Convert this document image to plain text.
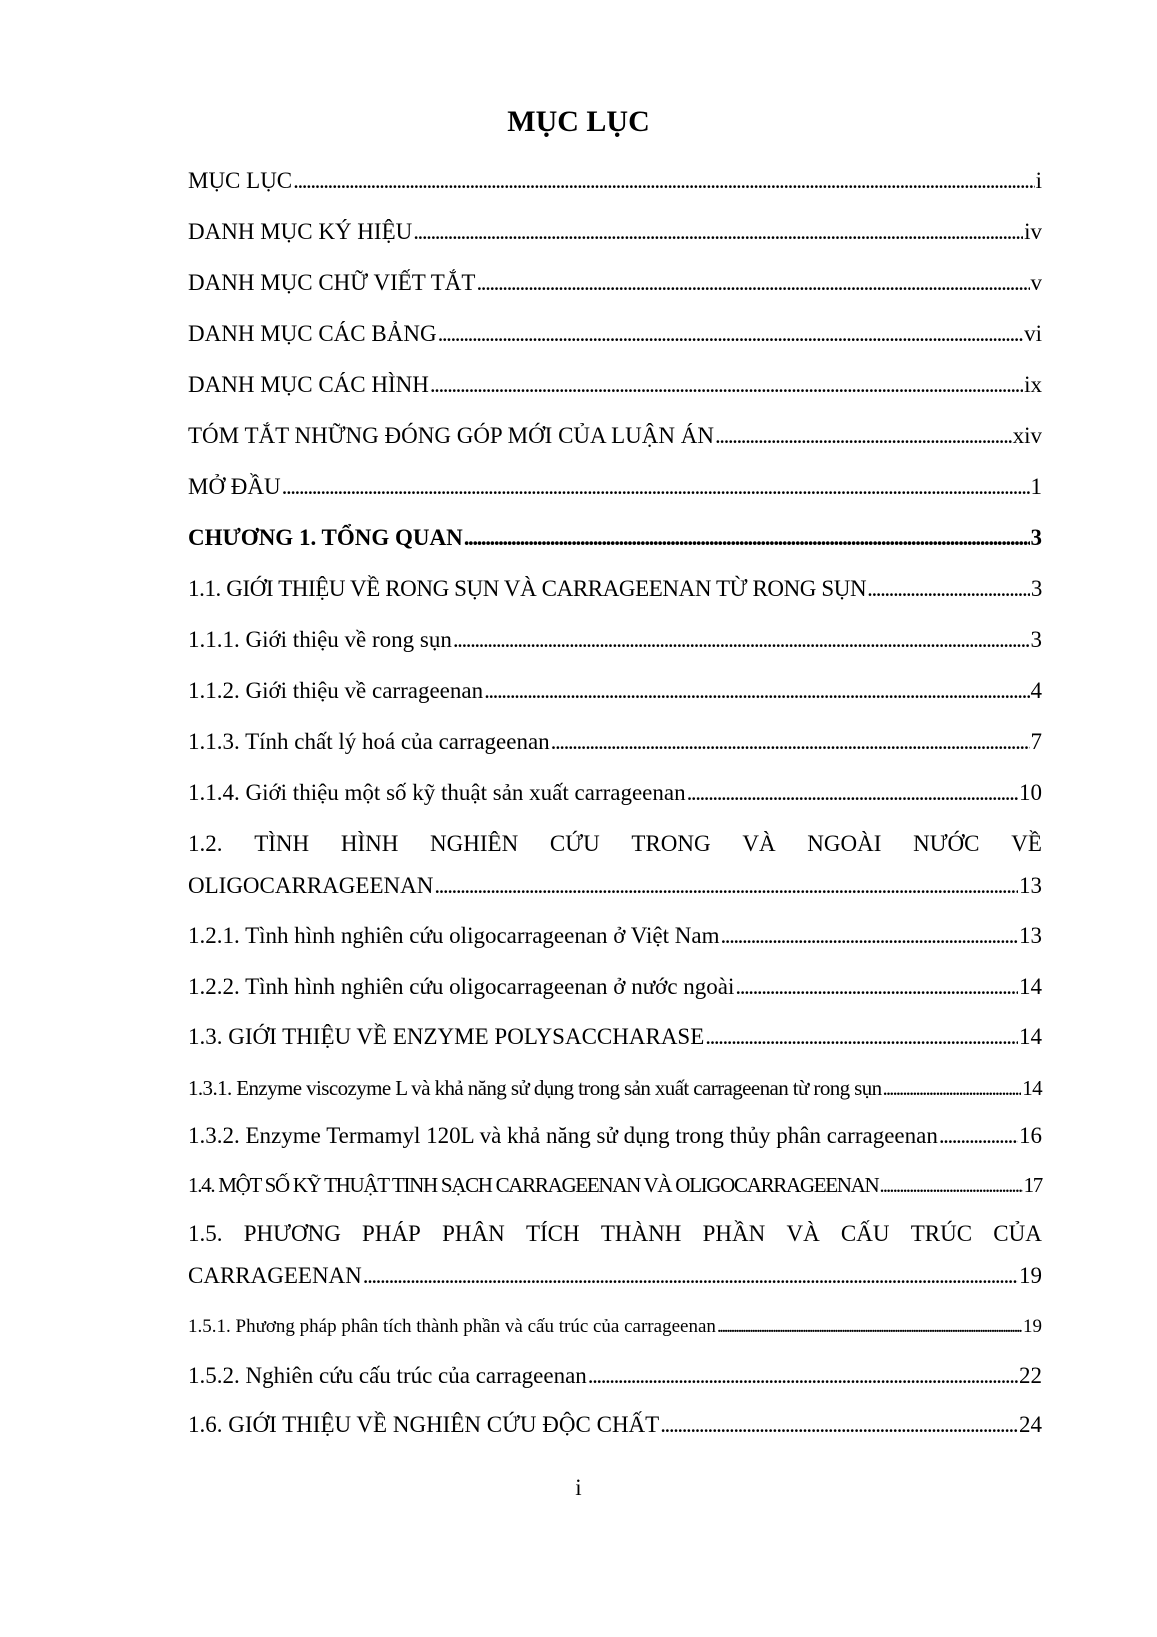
MỤC LỤC
MỤC LỤC . . .	i
DANH MỤC KÝ HIỆU . . .	iv
DANH MỤC CHỮ VIẾT TẮT . . .	v
DANH MỤC CÁC BẢNG . . .	vi
DANH MỤC CÁC HÌNH . . .	ix
TÓM TẮT NHỮNG ĐÓNG GÓP MỚI CỦA LUẬN ÁN . . .	xiv
MỞ ĐẦU . . .	1
CHƯƠNG 1. TỔNG QUAN . . .	3
1.1. GIỚI THIỆU VỀ RONG SỤN VÀ CARRAGEENAN TỪ RONG SỤN . . .	3
1.1.1. Giới thiệu về rong sụn . . .	3
1.1.2. Giới thiệu về carrageenan . . .	4
1.1.3. Tính chất lý hoá của carrageenan . . .	7
1.1.4. Giới thiệu một số kỹ thuật sản xuất carrageenan . . .	10
1.2. TÌNH HÌNH NGHIÊN CỨU TRONG VÀ NGOÀI NƯỚC VỀ
OLIGOCARRAGEENAN . . .	13
1.2.1. Tình hình nghiên cứu oligocarrageenan ở Việt Nam . . .	13
1.2.2. Tình hình nghiên cứu oligocarrageenan ở nước ngoài . . .	14
1.3. GIỚI THIỆU VỀ ENZYME POLYSACCHARASE . . .	14
1.3.1. Enzyme viscozyme L và khả năng sử dụng trong sản xuất carrageenan từ rong sụn . . .	14
1.3.2. Enzyme Termamyl 120L và khả năng sử dụng trong thủy phân carrageenan . . .	16
1.4. MỘT SỐ KỸ THUẬT TINH SẠCH CARRAGEENAN VÀ OLIGOCARRAGEENAN . . .	17
1.5. PHƯƠNG PHÁP PHÂN TÍCH THÀNH PHẦN VÀ CẤU TRÚC CỦA
CARRAGEENAN . . .	19
1.5.1. Phương pháp phân tích thành phần và cấu trúc của carrageenan . . .	19
1.5.2. Nghiên cứu cấu trúc của carrageenan . . .	22
1.6. GIỚI THIỆU VỀ NGHIÊN CỨU ĐỘC CHẤT . . .	24
i
